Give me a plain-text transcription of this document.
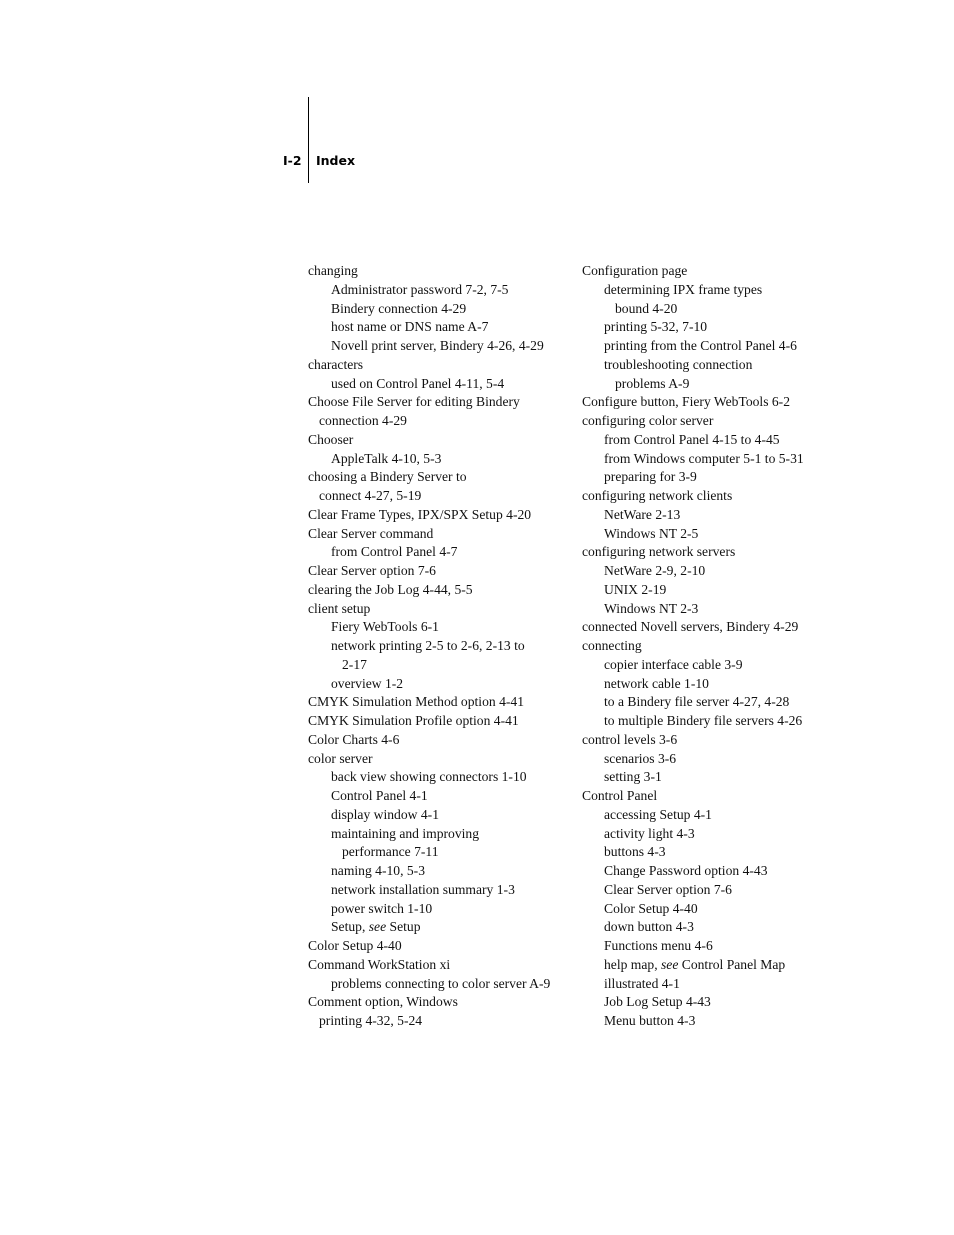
I-2 Index
changing
Administrator password 7-2, 7-5
Bindery connection 4-29
host name or DNS name A-7
Novell print server, Bindery 4-26, 4-29
characters
used on Control Panel 4-11, 5-4
Choose File Server for editing Bindery
connection 4-29
Chooser
AppleTalk 4-10, 5-3
choosing a Bindery Server to
connect 4-27, 5-19
Clear Frame Types, IPX/SPX Setup 4-20
Clear Server command
from Control Panel 4-7
Clear Server option 7-6
clearing the Job Log 4-44, 5-5
client setup
Fiery WebTools 6-1
network printing 2-5 to 2-6, 2-13 to
2-17
overview 1-2
CMYK Simulation Method option 4-41
CMYK Simulation Profile option 4-41
Color Charts 4-6
color server
back view showing connectors 1-10
Control Panel 4-1
display window 4-1
maintaining and improving
performance 7-11
naming 4-10, 5-3
network installation summary 1-3
power switch 1-10
Setup, see Setup
Color Setup 4-40
Command WorkStation xi
problems connecting to color server A-9
Comment option, Windows
printing 4-32, 5-24
Configuration page
determining IPX frame types
bound 4-20
printing 5-32, 7-10
printing from the Control Panel 4-6
troubleshooting connection
problems A-9
Configure button, Fiery WebTools 6-2
configuring color server
from Control Panel 4-15 to 4-45
from Windows computer 5-1 to 5-31
preparing for 3-9
configuring network clients
NetWare 2-13
Windows NT 2-5
configuring network servers
NetWare 2-9, 2-10
UNIX 2-19
Windows NT 2-3
connected Novell servers, Bindery 4-29
connecting
copier interface cable 3-9
network cable 1-10
to a Bindery file server 4-27, 4-28
to multiple Bindery file servers 4-26
control levels 3-6
scenarios 3-6
setting 3-1
Control Panel
accessing Setup 4-1
activity light 4-3
buttons 4-3
Change Password option 4-43
Clear Server option 7-6
Color Setup 4-40
down button 4-3
Functions menu 4-6
help map, see Control Panel Map
illustrated 4-1
Job Log Setup 4-43
Menu button 4-3
